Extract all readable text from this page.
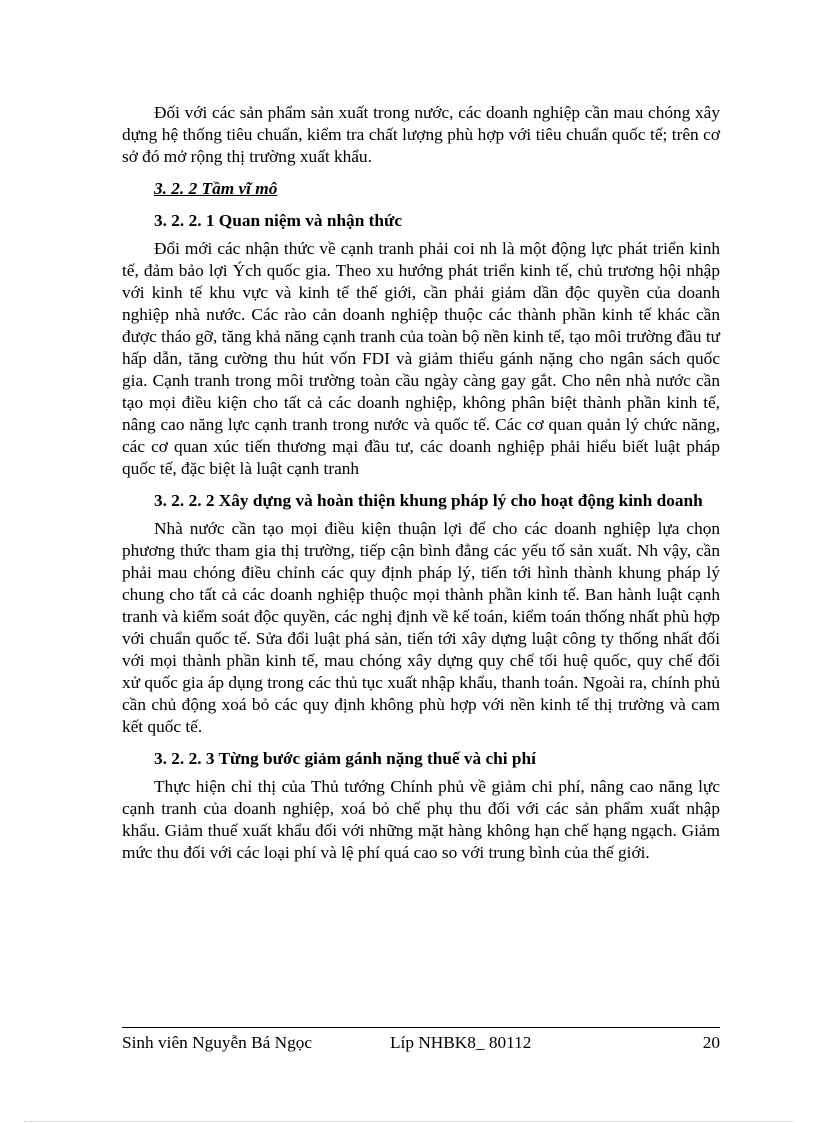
Đối với các sản phẩm sản xuất trong nước, các doanh nghiệp cần mau chóng xây dựng hệ thống tiêu chuẩn, kiểm tra chất lượng phù hợp với tiêu chuẩn quốc tế; trên cơ sở đó mở rộng thị trường xuất khẩu.

3. 2. 2 Tầm vĩ mô

3. 2. 2. 1 Quan niệm và nhận thức

Đổi mới các nhận thức về cạnh tranh phải coi nh là một động lực phát triển kinh tế, đảm bảo lợi Ých quốc gia. Theo xu hướng phát triển kinh tế, chủ trương hội nhập với kinh tế khu vực và kinh tế thế giới, cần phải giảm dần độc quyền của doanh nghiệp nhà nước. Các rào cản doanh nghiệp thuộc các thành phần kinh tế khác cần được tháo gỡ, tăng khả năng cạnh tranh của toàn bộ nền kinh tế, tạo môi trường đầu tư hấp dẫn, tăng cường thu hút vốn FDI và giảm thiểu gánh nặng cho ngân sách quốc gia. Cạnh tranh trong môi trường toàn cầu ngày càng gay gắt. Cho nên nhà nước cần tạo mọi điều kiện cho tất cả các doanh nghiệp, không phân biệt thành phần kinh tế, nâng cao năng lực cạnh tranh trong nước và quốc tế. Các cơ quan quản lý chức năng, các cơ quan xúc tiến thương mại đầu tư, các doanh nghiệp phải hiểu biết luật pháp quốc tế, đặc biệt là luật cạnh tranh

3. 2. 2. 2 Xây dựng và hoàn thiện khung pháp lý cho hoạt động kinh doanh

Nhà nước cần tạo mọi điều kiện thuận lợi để cho các doanh nghiệp lựa chọn phương thức tham gia thị trường, tiếp cận bình đẳng các yếu tố sản xuất. Nh vậy, cần phải mau chóng điều chỉnh các quy định pháp lý, tiến tới hình thành khung pháp lý chung cho tất cả các doanh nghiệp thuộc mọi thành phần kinh tế. Ban hành luật cạnh tranh và kiểm soát độc quyền, các nghị định về kế toán, kiểm toán thống nhất phù hợp với chuẩn quốc tế. Sửa đổi luật phá sản, tiến tới xây dựng luật công ty thống nhất đối với mọi thành phần kinh tế, mau chóng xây dựng quy chế tối huệ quốc, quy chế đối xử quốc gia áp dụng trong các thủ tục xuất nhập khẩu, thanh toán. Ngoài ra, chính phủ cần chủ động xoá bỏ các quy định không phù hợp với nền kinh tế thị trường và cam kết quốc tế.

3. 2. 2. 3 Từng bước giảm gánh nặng thuế và chi phí

Thực hiện chỉ thị của Thủ tướng Chính phủ về giảm chi phí, nâng cao năng lực cạnh tranh của doanh nghiệp, xoá bỏ chế phụ thu đối với các sản phẩm xuất nhập khẩu. Giảm thuế xuất khẩu đối với những mặt hàng không hạn chế hạng ngạch. Giảm mức thu đối với các loại phí và lệ phí quá cao so với trung bình của thế giới.

Sinh viên Nguyễn Bá Ngọc	Líp NHBK8_ 80112	20
